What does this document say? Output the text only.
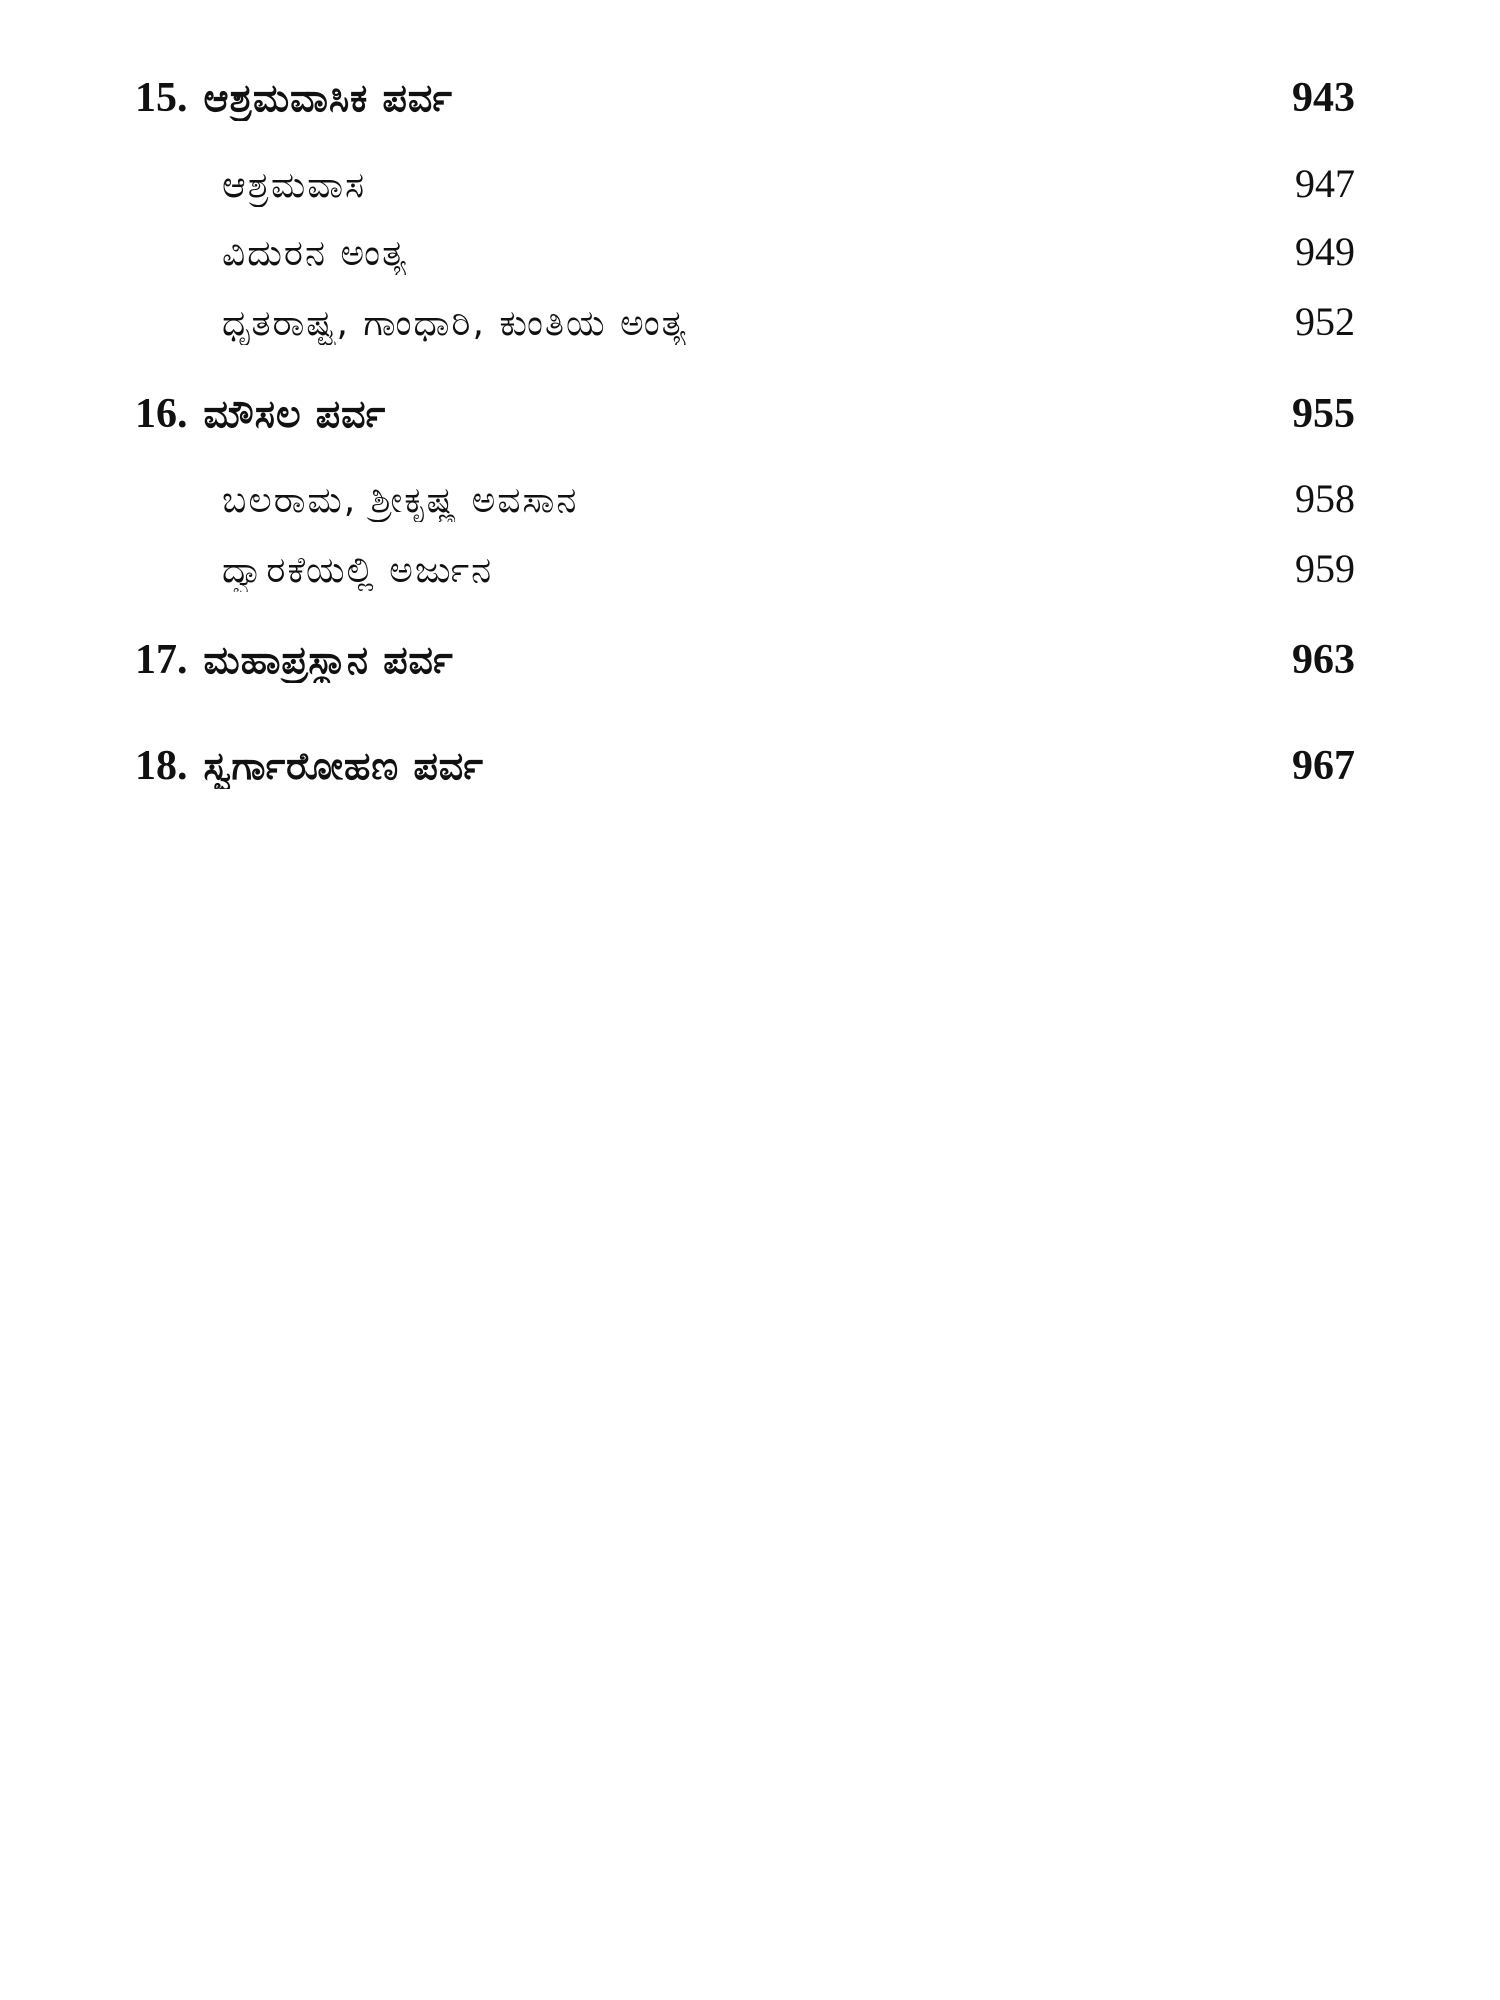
15. ಆಶ್ರಮವಾಸಿಕ ಪರ್ವ	943
ಆಶ್ರಮವಾಸ	947
ವಿದುರನ ಅಂತ್ಯ	949
ಧೃತರಾಷ್ಟ್ರ, ಗಾಂಧಾರಿ, ಕುಂತಿಯ ಅಂತ್ಯ	952
16. ಮೌಸಲ ಪರ್ವ	955
ಬಲರಾಮ, ಶ್ರೀಕೃಷ್ಣ ಅವಸಾನ	958
ದ್ವಾರಕೆಯಲ್ಲಿ ಅರ್ಜುನ	959
17. ಮಹಾಪ್ರಸ್ಥಾನ ಪರ್ವ	963
18. ಸ್ವರ್ಗಾರೋಹಣ ಪರ್ವ	967
